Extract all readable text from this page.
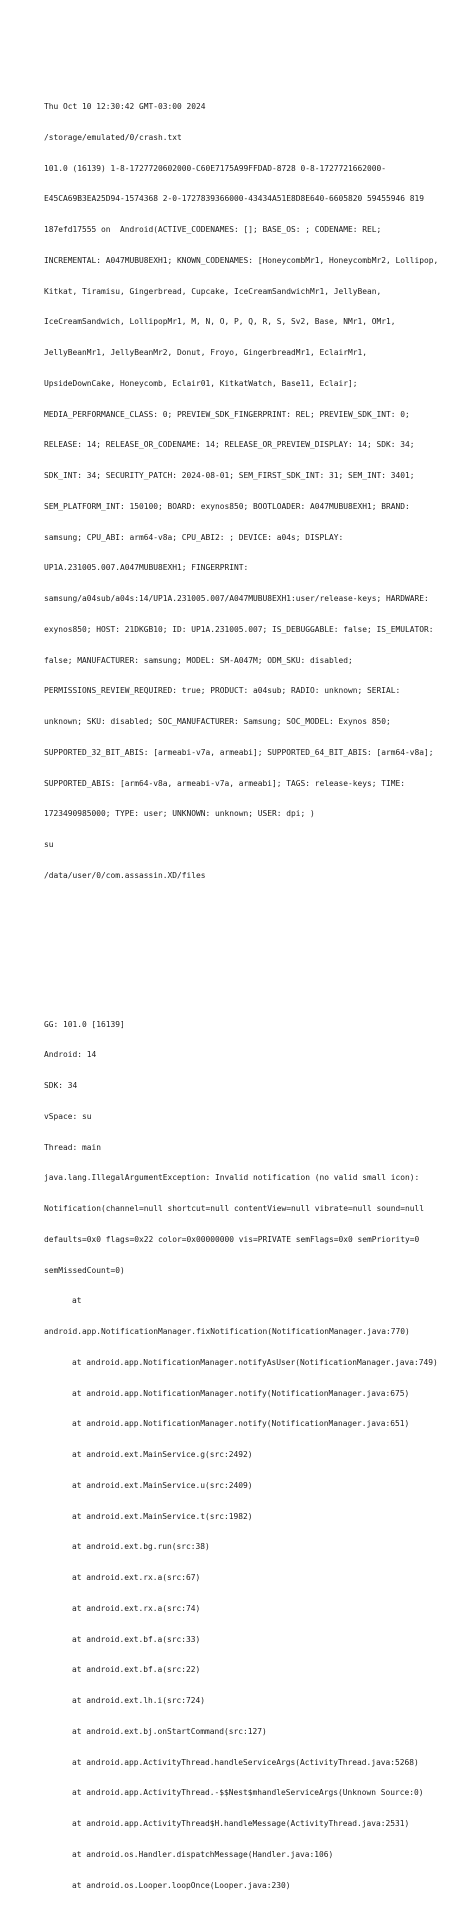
Thu Oct 10 12:30:42 GMT-03:00 2024

/storage/emulated/0/crash.txt

101.0 (16139) 1-8-1727720602000-C60E7175A99FFDAD-8728 0-8-1727721662000-

E45CA69B3EA25D94-1574368 2-0-1727839366000-43434A51E8D8E640-6605820 59455946 819

187efd17555 on  Android(ACTIVE_CODENAMES: []; BASE_OS: ; CODENAME: REL;

INCREMENTAL: A047MUBU8EXH1; KNOWN_CODENAMES: [HoneycombMr1, HoneycombMr2, Lollipop,

Kitkat, Tiramisu, Gingerbread, Cupcake, IceCreamSandwichMr1, JellyBean,

IceCreamSandwich, LollipopMr1, M, N, O, P, Q, R, S, Sv2, Base, NMr1, OMr1,

JellyBeanMr1, JellyBeanMr2, Donut, Froyo, GingerbreadMr1, EclairMr1,

UpsideDownCake, Honeycomb, Eclair01, KitkatWatch, Base11, Eclair];

MEDIA_PERFORMANCE_CLASS: 0; PREVIEW_SDK_FINGERPRINT: REL; PREVIEW_SDK_INT: 0;

RELEASE: 14; RELEASE_OR_CODENAME: 14; RELEASE_OR_PREVIEW_DISPLAY: 14; SDK: 34;

SDK_INT: 34; SECURITY_PATCH: 2024-08-01; SEM_FIRST_SDK_INT: 31; SEM_INT: 3401;

SEM_PLATFORM_INT: 150100; BOARD: exynos850; BOOTLOADER: A047MUBU8EXH1; BRAND:

samsung; CPU_ABI: arm64-v8a; CPU_ABI2: ; DEVICE: a04s; DISPLAY:

UP1A.231005.007.A047MUBU8EXH1; FINGERPRINT:

samsung/a04sub/a04s:14/UP1A.231005.007/A047MUBU8EXH1:user/release-keys; HARDWARE:

exynos850; HOST: 21DKGB10; ID: UP1A.231005.007; IS_DEBUGGABLE: false; IS_EMULATOR:

false; MANUFACTURER: samsung; MODEL: SM-A047M; ODM_SKU: disabled;

PERMISSIONS_REVIEW_REQUIRED: true; PRODUCT: a04sub; RADIO: unknown; SERIAL:

unknown; SKU: disabled; SOC_MANUFACTURER: Samsung; SOC_MODEL: Exynos 850;

SUPPORTED_32_BIT_ABIS: [armeabi-v7a, armeabi]; SUPPORTED_64_BIT_ABIS: [arm64-v8a];

SUPPORTED_ABIS: [arm64-v8a, armeabi-v7a, armeabi]; TAGS: release-keys; TIME:

1723490985000; TYPE: user; UNKNOWN: unknown; USER: dpi; )

su

/data/user/0/com.assassin.XD/files

GG: 101.0 [16139]

Android: 14

SDK: 34

vSpace: su

Thread: main

java.lang.IllegalArgumentException: Invalid notification (no valid small icon):

Notification(channel=null shortcut=null contentView=null vibrate=null sound=null

defaults=0x0 flags=0x22 color=0x00000000 vis=PRIVATE semFlags=0x0 semPriority=0

semMissedCount=0)

at

android.app.NotificationManager.fixNotification(NotificationManager.java:770)

at android.app.NotificationManager.notifyAsUser(NotificationManager.java:749)

at android.app.NotificationManager.notify(NotificationManager.java:675)

at android.app.NotificationManager.notify(NotificationManager.java:651)

at android.ext.MainService.g(src:2492)

at android.ext.MainService.u(src:2409)

at android.ext.MainService.t(src:1982)

at android.ext.bg.run(src:38)

at android.ext.rx.a(src:67)

at android.ext.rx.a(src:74)

at android.ext.bf.a(src:33)

at android.ext.bf.a(src:22)

at android.ext.lh.i(src:724)

at android.ext.bj.onStartCommand(src:127)

at android.app.ActivityThread.handleServiceArgs(ActivityThread.java:5268)

at android.app.ActivityThread.-$$Nest$mhandleServiceArgs(Unknown Source:0)

at android.app.ActivityThread$H.handleMessage(ActivityThread.java:2531)

at android.os.Handler.dispatchMessage(Handler.java:106)

at android.os.Looper.loopOnce(Looper.java:230)
